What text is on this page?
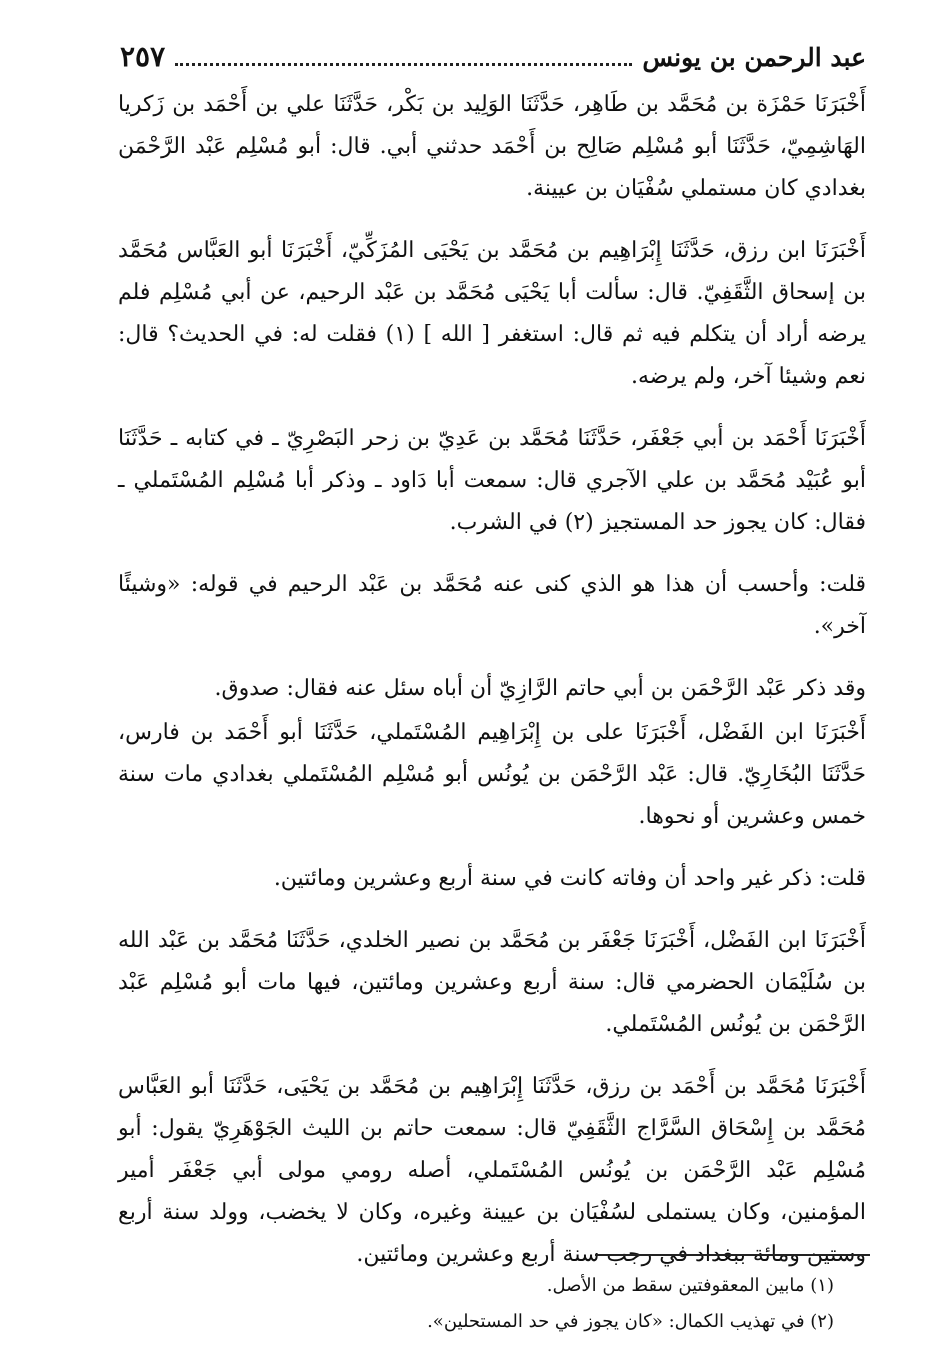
عبد الرحمن بن يونس
٢٥٧

أَخْبَرَنَا حَمْزَة بن مُحَمَّد بن طَاهِر، حَدَّثَنَا الوَلِيد بن بَكْر، حَدَّثَنَا علي بن أَحْمَد بن زَكريا الهَاشِمِيّ، حَدَّثَنَا أبو مُسْلِم صَالِح بن أَحْمَد حدثني أبي. قال: أبو مُسْلِم عَبْد الرَّحْمَن بغدادي كان مستملي سُفْيَان بن عيينة.

أَخْبَرَنَا ابن رزق، حَدَّثَنَا إِبْرَاهِيم بن مُحَمَّد بن يَحْيَى المُزَكِّيّ، أَخْبَرَنَا أبو العَبَّاس مُحَمَّد بن إسحاق الثَّقَفِيّ. قال: سألت أبا يَحْيَى مُحَمَّد بن عَبْد الرحيم، عن أبي مُسْلِم فلم يرضه أراد أن يتكلم فيه ثم قال: استغفر [ الله ] (١) فقلت له: في الحديث؟ قال: نعم وشيئا آخر، ولم يرضه.

أَخْبَرَنَا أَحْمَد بن أبي جَعْفَر، حَدَّثَنَا مُحَمَّد بن عَدِيّ بن زحر البَصْرِيّ ـ في كتابه ـ حَدَّثَنَا أبو عُبَيْد مُحَمَّد بن علي الآجري قال: سمعت أبا دَاود ـ وذكر أبا مُسْلِم المُسْتَملي ـ فقال: كان يجوز حد المستجيز (٢) في الشرب.

قلت: وأحسب أن هذا هو الذي كنى عنه مُحَمَّد بن عَبْد الرحيم في قوله: «وشيئًا آخر».

وقد ذكر عَبْد الرَّحْمَن بن أبي حاتم الرَّازِيّ أن أباه سئل عنه فقال: صدوق.

أَخْبَرَنَا ابن الفَضْل، أَخْبَرَنَا على بن إِبْرَاهِيم المُسْتَملي، حَدَّثَنَا أبو أَحْمَد بن فارس، حَدَّثَنَا البُخَارِيّ. قال: عَبْد الرَّحْمَن بن يُونُس أبو مُسْلِم المُسْتَملي بغدادي مات سنة خمس وعشرين أو نحوها.

قلت: ذكر غير واحد أن وفاته كانت في سنة أربع وعشرين ومائتين.

أَخْبَرَنَا ابن الفَضْل، أَخْبَرَنَا جَعْفَر بن مُحَمَّد بن نصير الخلدي، حَدَّثَنَا مُحَمَّد بن عَبْد الله بن سُلَيْمَان الحضرمي قال: سنة أربع وعشرين ومائتين، فيها مات أبو مُسْلِم عَبْد الرَّحْمَن بن يُونُس المُسْتَملي.

أَخْبَرَنَا مُحَمَّد بن أَحْمَد بن رزق، حَدَّثَنَا إِبْرَاهِيم بن مُحَمَّد بن يَحْيَى، حَدَّثَنَا أبو العَبَّاس مُحَمَّد بن إِسْحَاق السَّرَّاج الثَّقَفِيّ قال: سمعت حاتم بن الليث الجَوْهَرِيّ يقول: أبو مُسْلِم عَبْد الرَّحْمَن بن يُونُس المُسْتَملي، أصله رومي مولى أبي جَعْفَر أمير المؤمنين، وكان يستملى لسُفْيَان بن عيينة وغيره، وكان لا يخضب، وولد سنة أربع وستين ومائة ببغداد في رجب سنة أربع وعشرين ومائتين.

(١) مابين المعقوفتين سقط من الأصل.
(٢) في تهذيب الكمال: «كان يجوز في حد المستحلين».
